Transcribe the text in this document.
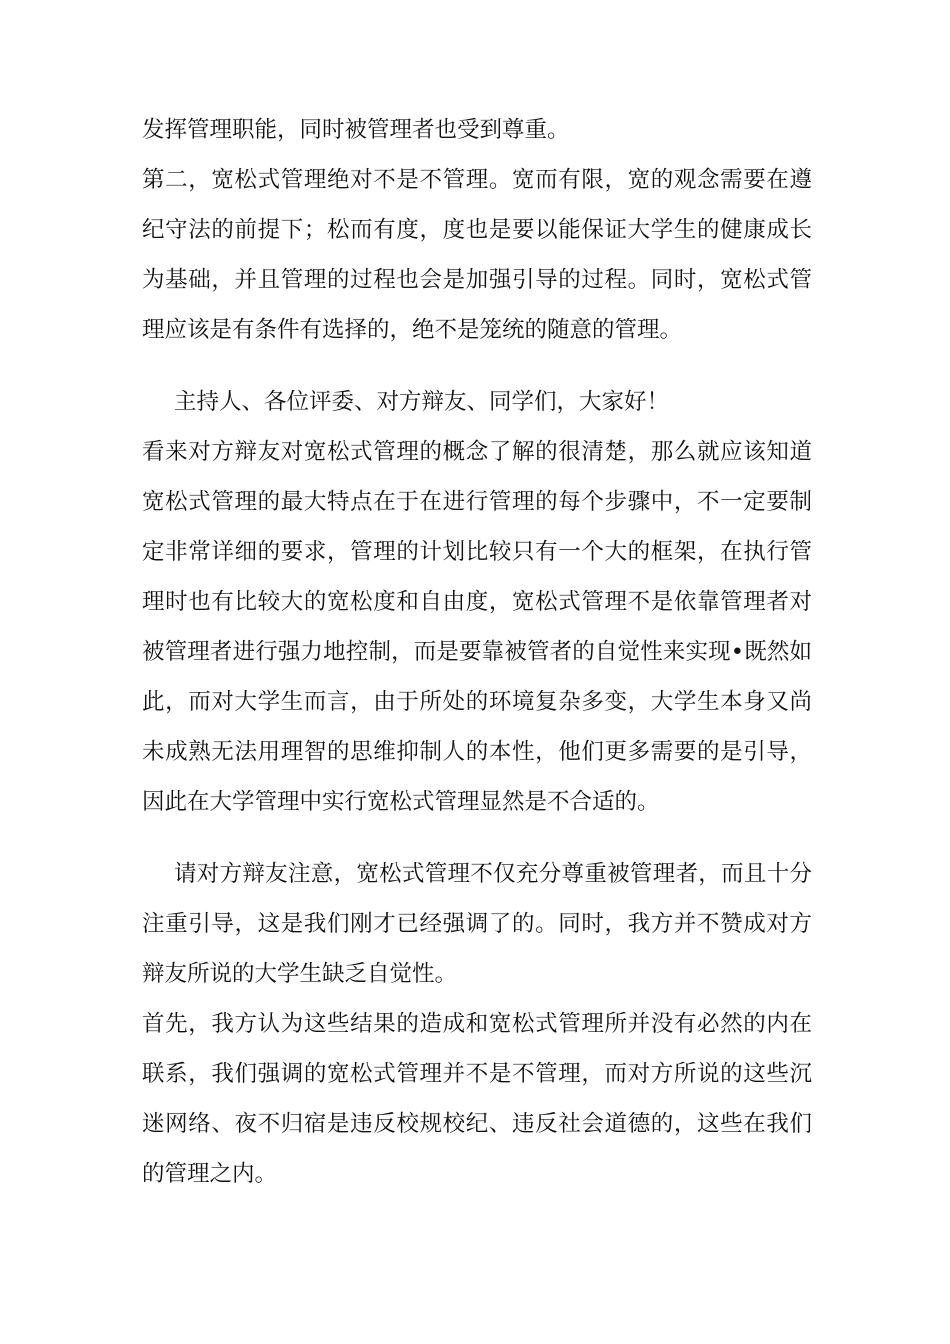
发挥管理职能，同时被管理者也受到尊重。
第二，宽松式管理绝对不是不管理。宽而有限，宽的观念需要在遵
纪守法的前提下；松而有度，度也是要以能保证大学生的健康成长
为基础，并且管理的过程也会是加强引导的过程。同时，宽松式管
理应该是有条件有选择的，绝不是笼统的随意的管理。
主持人、各位评委、对方辩友、同学们，大家好！
看来对方辩友对宽松式管理的概念了解的很清楚，那么就应该知道
宽松式管理的最大特点在于在进行管理的每个步骤中，不一定要制
定非常详细的要求，管理的计划比较只有一个大的框架，在执行管
理时也有比较大的宽松度和自由度，宽松式管理不是依靠管理者对
被管理者进行强力地控制，而是要靠被管者的自觉性来实现•既然如
此，而对大学生而言，由于所处的环境复杂多变，大学生本身又尚
未成熟无法用理智的思维抑制人的本性，他们更多需要的是引导，
因此在大学管理中实行宽松式管理显然是不合适的。
请对方辩友注意，宽松式管理不仅充分尊重被管理者，而且十分
注重引导，这是我们刚才已经强调了的。同时，我方并不赞成对方
辩友所说的大学生缺乏自觉性。
首先，我方认为这些结果的造成和宽松式管理所并没有必然的内在
联系，我们强调的宽松式管理并不是不管理，而对方所说的这些沉
迷网络、夜不归宿是违反校规校纪、违反社会道德的，这些在我们
的管理之内。
